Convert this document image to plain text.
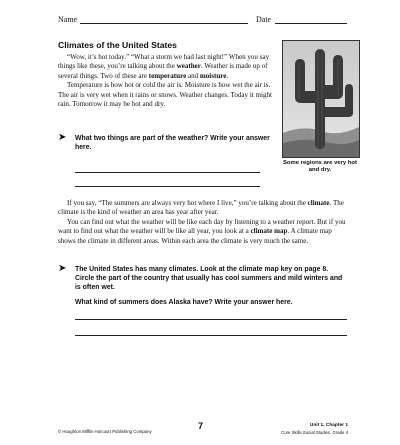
Name	Date
Climates of the United States

“Wow, it’s hot today.” “What a storm we had last night!” When you say things like these, you’re talking about the weather. Weather is made up of several things. Two of these are temperature and moisture.

Temperature is how hot or cold the air is. Moisture is how wet the air is. The air is very wet when it rains or snows. Weather changes. Today it might rain. Tomorrow it may be hot and dry.

➤ What two things are part of the weather? Write your answer here.

Some regions are very hot and dry.

If you say, “The summers are always very hot where I live,” you’re talking about the climate. The climate is the kind of weather an area has year after year.

You can find out what the weather will be like each day by listening to a weather report. But if you want to find out what the weather will be like all year, you look at a climate map. A climate map shows the climate in different areas. Within each area the climate is very much the same.

➤ The United States has many climates. Look at the climate map key on page 8. Circle the part of the country that usually has cool summers and mild winters and is often wet.

What kind of summers does Alaska have? Write your answer here.

© Houghton Mifflin Harcourt Publishing Company
7	Unit 1, Chapter 1
Core Skills Social Studies, Grade 4
